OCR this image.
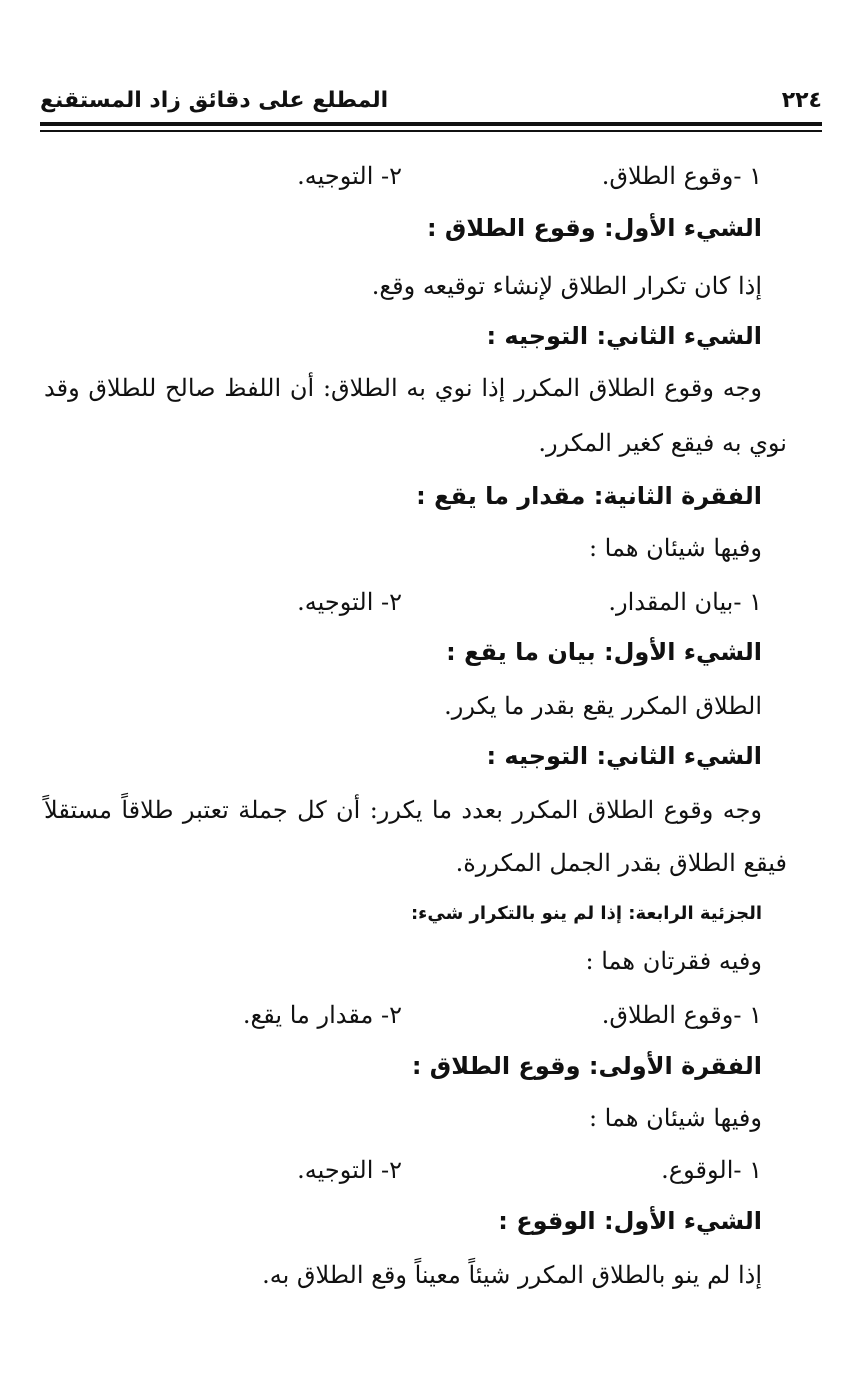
٢٢٤
المطلع على دقائق زاد المستقنع
١ -وقوع الطلاق.
٢- التوجيه.
الشيء الأول: وقوع الطلاق :
إذا كان تكرار الطلاق لإنشاء توقيعه وقع.
الشيء الثاني: التوجيه :
وجه وقوع الطلاق المكرر إذا نوي به الطلاق: أن اللفظ صالح للطلاق وقد
نوي به فيقع كغير المكرر.
الفقرة الثانية: مقدار ما يقع :
وفيها شيئان هما :
١ -بيان المقدار.
٢- التوجيه.
الشيء الأول: بيان ما يقع :
الطلاق المكرر يقع بقدر ما يكرر.
الشيء الثاني: التوجيه :
وجه وقوع الطلاق المكرر بعدد ما يكرر: أن كل جملة تعتبر طلاقاً مستقلاً
فيقع الطلاق بقدر الجمل المكررة.
الجزئية الرابعة: إذا لم ينو بالتكرار شيء:
وفيه فقرتان هما :
١ -وقوع الطلاق.
٢- مقدار ما يقع.
الفقرة الأولى: وقوع الطلاق :
وفيها شيئان هما :
١ -الوقوع.
٢- التوجيه.
الشيء الأول: الوقوع :
إذا لم ينو بالطلاق المكرر شيئاً معيناً وقع الطلاق به.
